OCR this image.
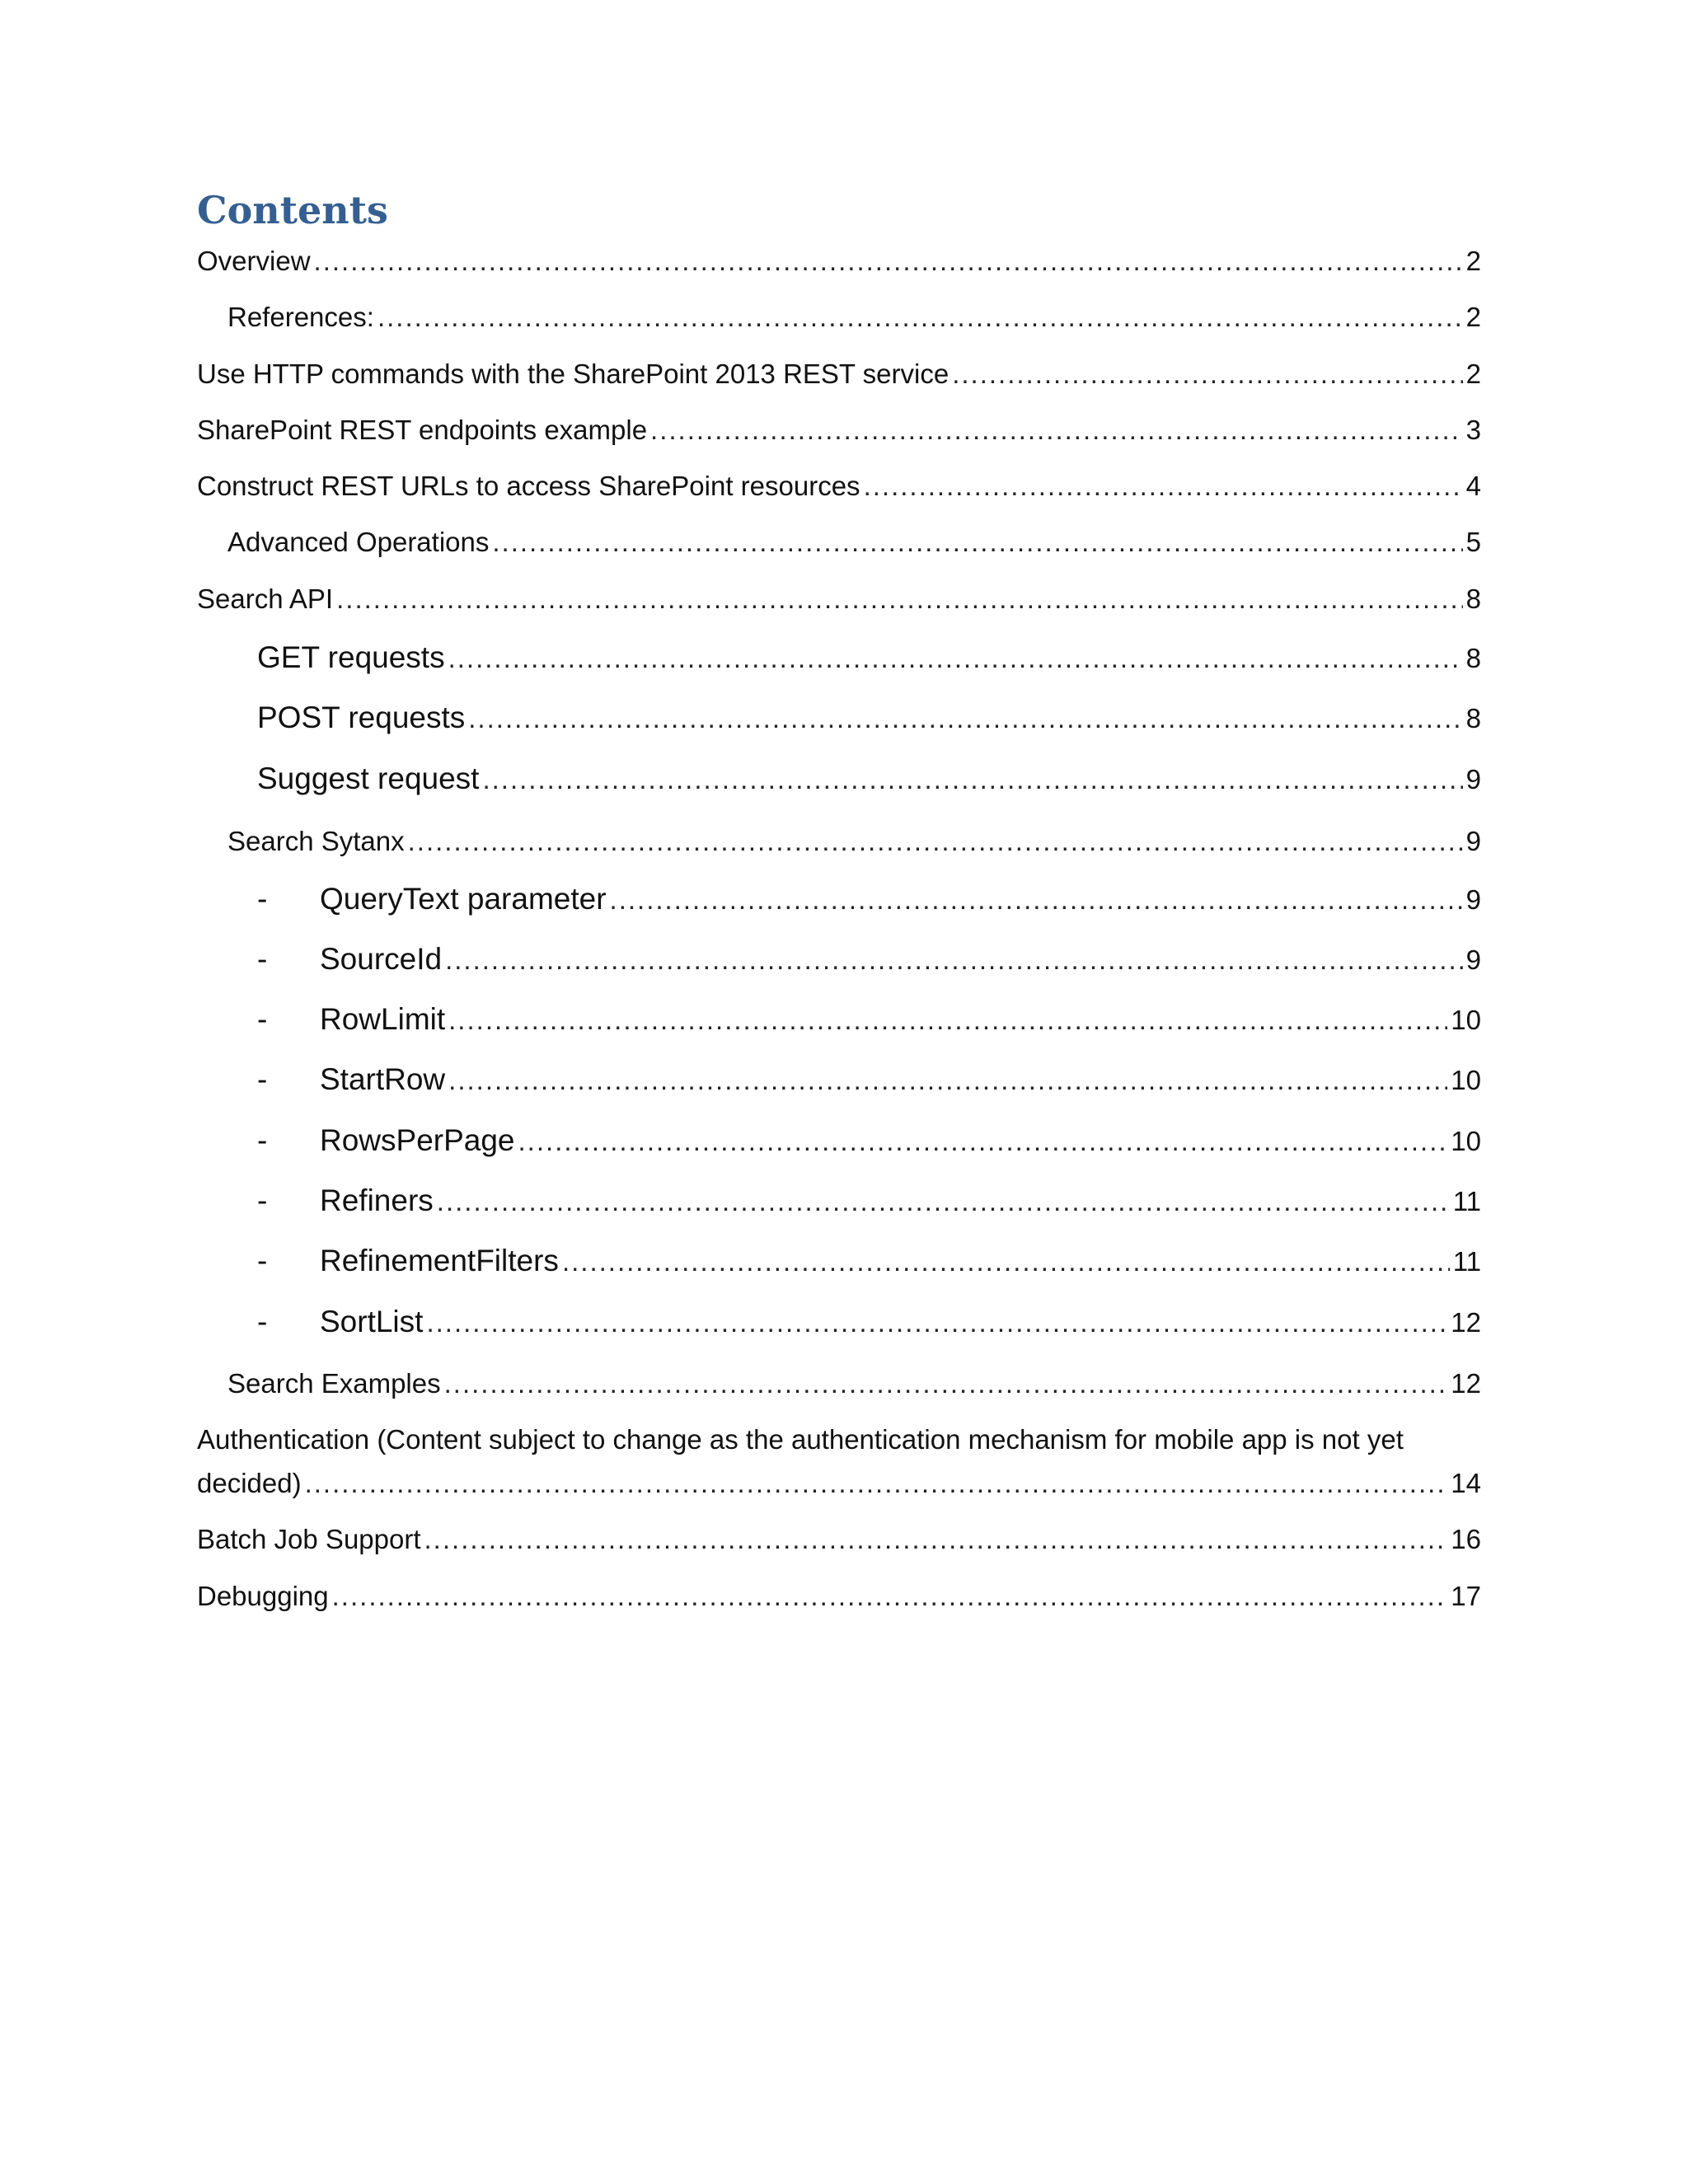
Contents
Overview .....	2
References: .....	2
Use HTTP commands with the SharePoint 2013 REST service .....	2
SharePoint REST endpoints example .....	3
Construct REST URLs to access SharePoint resources .....	4
Advanced Operations .....	5
Search API .....	8
GET requests .....	8
POST requests .....	8
Suggest request .....	9
Search Sytanx .....	9
-	QueryText parameter .....	9
-	SourceId .....	9
-	RowLimit .....	10
-	StartRow .....	10
-	RowsPerPage .....	10
-	Refiners .....	11
-	RefinementFilters .....	11
-	SortList .....	12
Search Examples .....	12
Authentication (Content subject to change as the authentication mechanism for mobile app is not yet
decided) .....	14
Batch Job Support .....	16
Debugging .....	17
